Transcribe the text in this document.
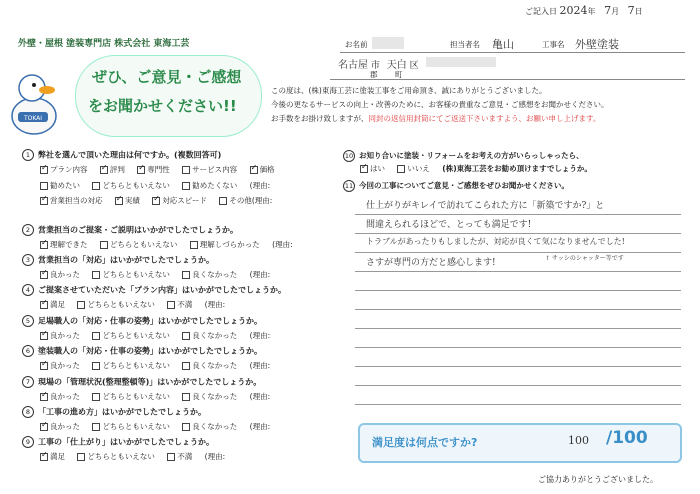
ご記入日 2024年 7月 7日
外壁・屋根 塗装専門店 株式会社 東海工芸	お名前	担当者名 亀山	工事名 外壁塗装
名古屋 市 天白 区
郡 町
TOKAI
ぜひ、ご意見・ご感想
をお聞かせください!!
この度は、(株)東海工芸に塗装工事をご用命頂き、誠にありがとうございました。
今後の更なるサービスの向上・改善のために、お客様の貴重なご意見・ご感想をお聞かせください。
お手数をお掛け致しますが、同封の返信用封筒にてご返送下さいますよう、お願い申し上げます。
1 弊社を選んで頂いた理由は何ですか。(複数回答可)
✓プラン内容 ✓	評判 ✓	専門性	サービス内容 ✓	価格
勧めたい	どちらともいえない	勧めたくない (理由:
✓営業担当の対応 ✓	実績 ✓	対応スピード	その他(理由:
2 営業担当のご提案・ご説明はいかがでしたでしょうか。
✓理解できた	どちらともいえない	理解しづらかった (理由:
3 営業担当の「対応」はいかがでしたでしょうか。
✓良かった	どちらともいえない	良くなかった (理由:
4 ご提案させていただいた「プラン内容」はいかがでしたでしょうか。
✓満足	どちらともいえない	不満 (理由:
5 足場職人の「対応・仕事の姿勢」はいかがでしたでしょうか。
✓良かった	どちらともいえない	良くなかった (理由:
6 塗装職人の「対応・仕事の姿勢」はいかがでしたでしょうか。
✓良かった	どちらともいえない	良くなかった (理由:
7 現場の「管理状況(整理整頓等)」はいかがでしたでしょうか。
✓良かった	どちらともいえない	良くなかった (理由:
8 「工事の進め方」はいかがでしたでしょうか。
✓良かった	どちらともいえない	良くなかった (理由:
9 工事の「仕上がり」はいかがでしたでしょうか。
✓満足	どちらともいえない	不満 (理由:
10 お知り合いに塗装・リフォームをお考えの方がいらっしゃったら、
✓はい	いいえ (株)東海工芸をお勧め頂けますでしょうか。
11 今回の工事についてご意見・ご感想をぜひお聞かせください。
仕上がりがキレイで訪れてこられた方に「新築ですか?」と
間違えられるほどで、とっても満足です!
トラブルがあったりもしましたが、対応が良くて気になりませんでした!
さすが専門の方だと感心します!	↑ サッシのシャッター等です
満足度は何点ですか?	100 /100
ご協力ありがとうございました。
